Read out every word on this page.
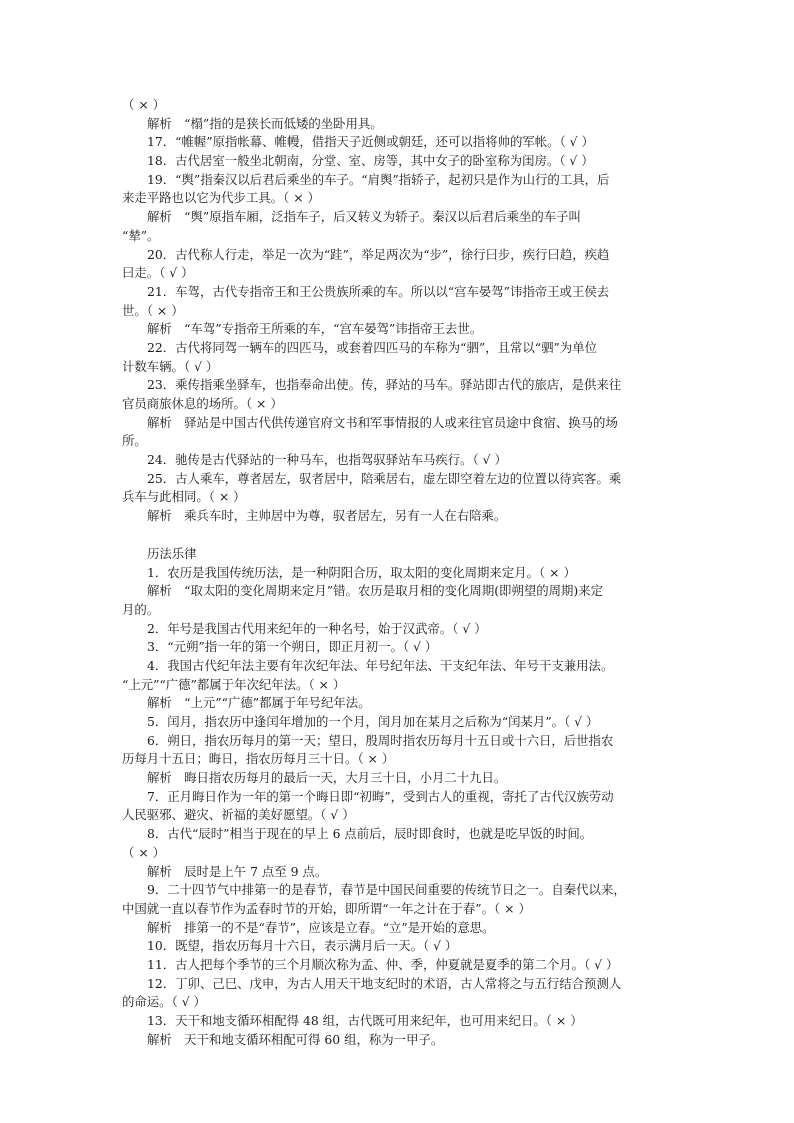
（ × ）
解析　“榻”指的是狭长而低矮的坐卧用具。
17．“帷幄”原指帐幕、帷幔，借指天子近侧或朝廷，还可以指将帅的军帐。（ √ ）
18．古代居室一般坐北朝南，分堂、室、房等，其中女子的卧室称为闺房。（ √ ）
19．“舆”指秦汉以后君后乘坐的车子。“肩舆”指轿子，起初只是作为山行的工具，后
来走平路也以它为代步工具。（ × ）
解析　“舆”原指车厢，泛指车子，后又转义为轿子。秦汉以后君后乘坐的车子叫
“辇”。
20．古代称人行走，举足一次为“跬”，举足两次为“步”，徐行曰步，疾行曰趋，疾趋
曰走。（ √ ）
21．车驾，古代专指帝王和王公贵族所乘的车。所以以“宫车晏驾”讳指帝王或王侯去
世。（ × ）
解析　“车驾”专指帝王所乘的车，“宫车晏驾”讳指帝王去世。
22．古代将同驾一辆车的四匹马，或套着四匹马的车称为“驷”，且常以“驷”为单位
计数车辆。（ √ ）
23．乘传指乘坐驿车，也指奉命出使。传，驿站的马车。驿站即古代的旅店，是供来往
官员商旅休息的场所。（ × ）
解析　驿站是中国古代供传递官府文书和军事情报的人或来往官员途中食宿、换马的场
所。
24．驰传是古代驿站的一种马车，也指驾驭驿站车马疾行。（ √ ）
25．古人乘车，尊者居左，驭者居中，陪乘居右，虚左即空着左边的位置以待宾客。乘
兵车与此相同。（ × ）
解析　乘兵车时，主帅居中为尊，驭者居左，另有一人在右陪乘。
历法乐律
1．农历是我国传统历法，是一种阴阳合历，取太阳的变化周期来定月。（ × ）
解析　“取太阳的变化周期来定月”错。农历是取月相的变化周期(即朔望的周期)来定
月的。
2．年号是我国古代用来纪年的一种名号，始于汉武帝。（ √ ）
3．“元朔”指一年的第一个朔日，即正月初一。（ √ ）
4．我国古代纪年法主要有年次纪年法、年号纪年法、干支纪年法、年号干支兼用法。
“上元”“广德”都属于年次纪年法。（ × ）
解析　“上元”“广德”都属于年号纪年法。
5．闰月，指农历中逢闰年增加的一个月，闰月加在某月之后称为“闰某月”。（ √ ）
6．朔日，指农历每月的第一天；望日，殷周时指农历每月十五日或十六日，后世指农
历每月十五日；晦日，指农历每月三十日。（ × ）
解析　晦日指农历每月的最后一天，大月三十日，小月二十九日。
7．正月晦日作为一年的第一个晦日即“初晦”，受到古人的重视，寄托了古代汉族劳动
人民驱邪、避灾、祈福的美好愿望。（ √ ）
8．古代“辰时”相当于现在的早上 6 点前后，辰时即食时，也就是吃早饭的时间。
（ × ）
解析　辰时是上午 7 点至 9 点。
9．二十四节气中排第一的是春节，春节是中国民间重要的传统节日之一。自秦代以来，
中国就一直以春节作为孟春时节的开始，即所谓“一年之计在于春”。（ × ）
解析　排第一的不是“春节”，应该是立春。“立”是开始的意思。
10．既望，指农历每月十六日，表示满月后一天。（ √ ）
11．古人把每个季节的三个月顺次称为孟、仲、季，仲夏就是夏季的第二个月。（ √ ）
12．丁卯、己巳、戊申，为古人用天干地支纪时的术语，古人常将之与五行结合预测人
的命运。（ √ ）
13．天干和地支循环相配得 48 组，古代既可用来纪年，也可用来纪日。（ × ）
解析　天干和地支循环相配可得 60 组，称为一甲子。
